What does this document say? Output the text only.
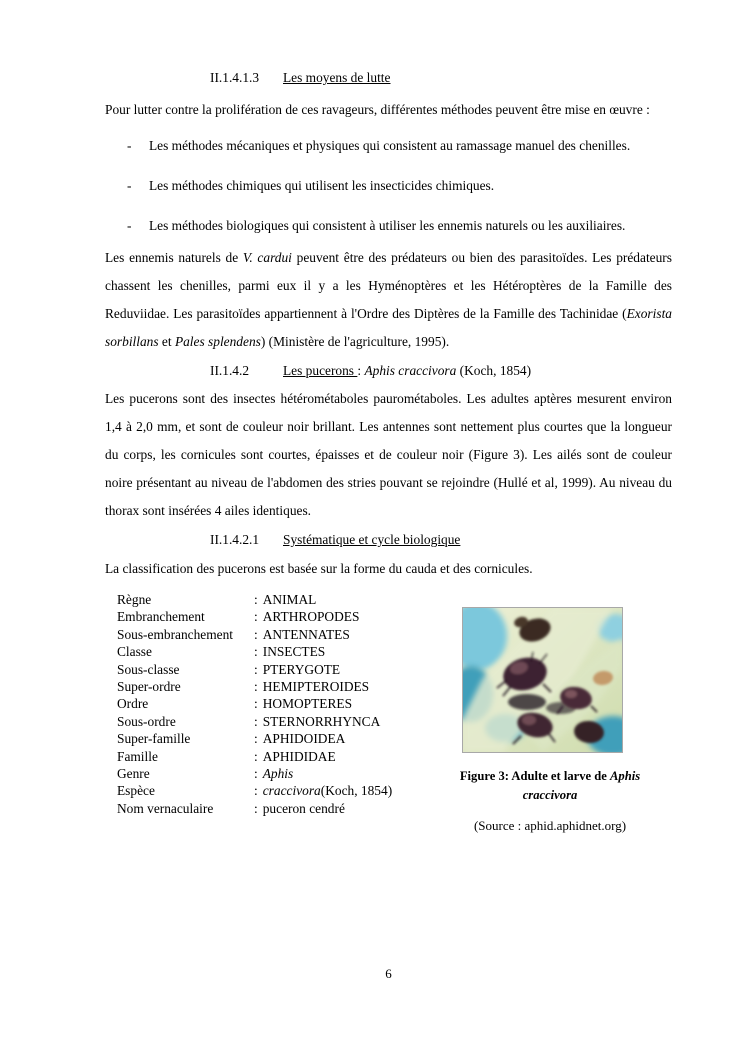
II.1.4.1.3 Les moyens de lutte

Pour lutter contre la prolifération de ces ravageurs, différentes méthodes peuvent être mise en œuvre :

- Les méthodes mécaniques et physiques qui consistent au ramassage manuel des chenilles.
- Les méthodes chimiques qui utilisent les insecticides chimiques.
- Les méthodes biologiques qui consistent à utiliser les ennemis naturels ou les auxiliaires.

Les ennemis naturels de V. cardui peuvent être des prédateurs ou bien des parasitoïdes. Les prédateurs chassent les chenilles, parmi eux il y a les Hyménoptères et les Hétéroptères de la Famille des Reduviidae. Les parasitoïdes appartiennent à l'Ordre des Diptères de la Famille des Tachinidae (Exorista sorbillans et Pales splendens) (Ministère de l'agriculture, 1995).

II.1.4.2	Les pucerons : Aphis craccivora (Koch, 1854)

Les pucerons sont des insectes hétérométaboles paurométaboles. Les adultes aptères mesurent environ 1,4 à 2,0 mm, et sont de couleur noir brillant. Les antennes sont nettement plus courtes que la longueur du corps, les cornicules sont courtes, épaisses et de couleur noir (Figure 3). Les ailés sont de couleur noire présentant au niveau de l'abdomen des stries pouvant se rejoindre (Hullé et al, 1999). Au niveau du thorax sont insérées 4 ailes identiques.

II.1.4.2.1 Systématique et cycle biologique

La classification des pucerons est basée sur la forme du cauda et des cornicules.

Règne	: ANIMAL
Embranchement	: ARTHROPODES
Sous-embranchement	: ANTENNATES
Classe	: INSECTES
Sous-classe	: PTERYGOTE
Super-ordre	: HEMIPTEROIDES
Ordre	: HOMOPTERES
Sous-ordre	: STERNORRHYNCA
Super-famille	: APHIDOIDEA
Famille	: APHIDIDAE
Genre	: Aphis
Espèce	: craccivora (Koch, 1854)
Nom vernaculaire	: puceron cendré
Figure 3: Adulte et larve de Aphis
craccivora
(Source : aphid.aphidnet.org)
6
